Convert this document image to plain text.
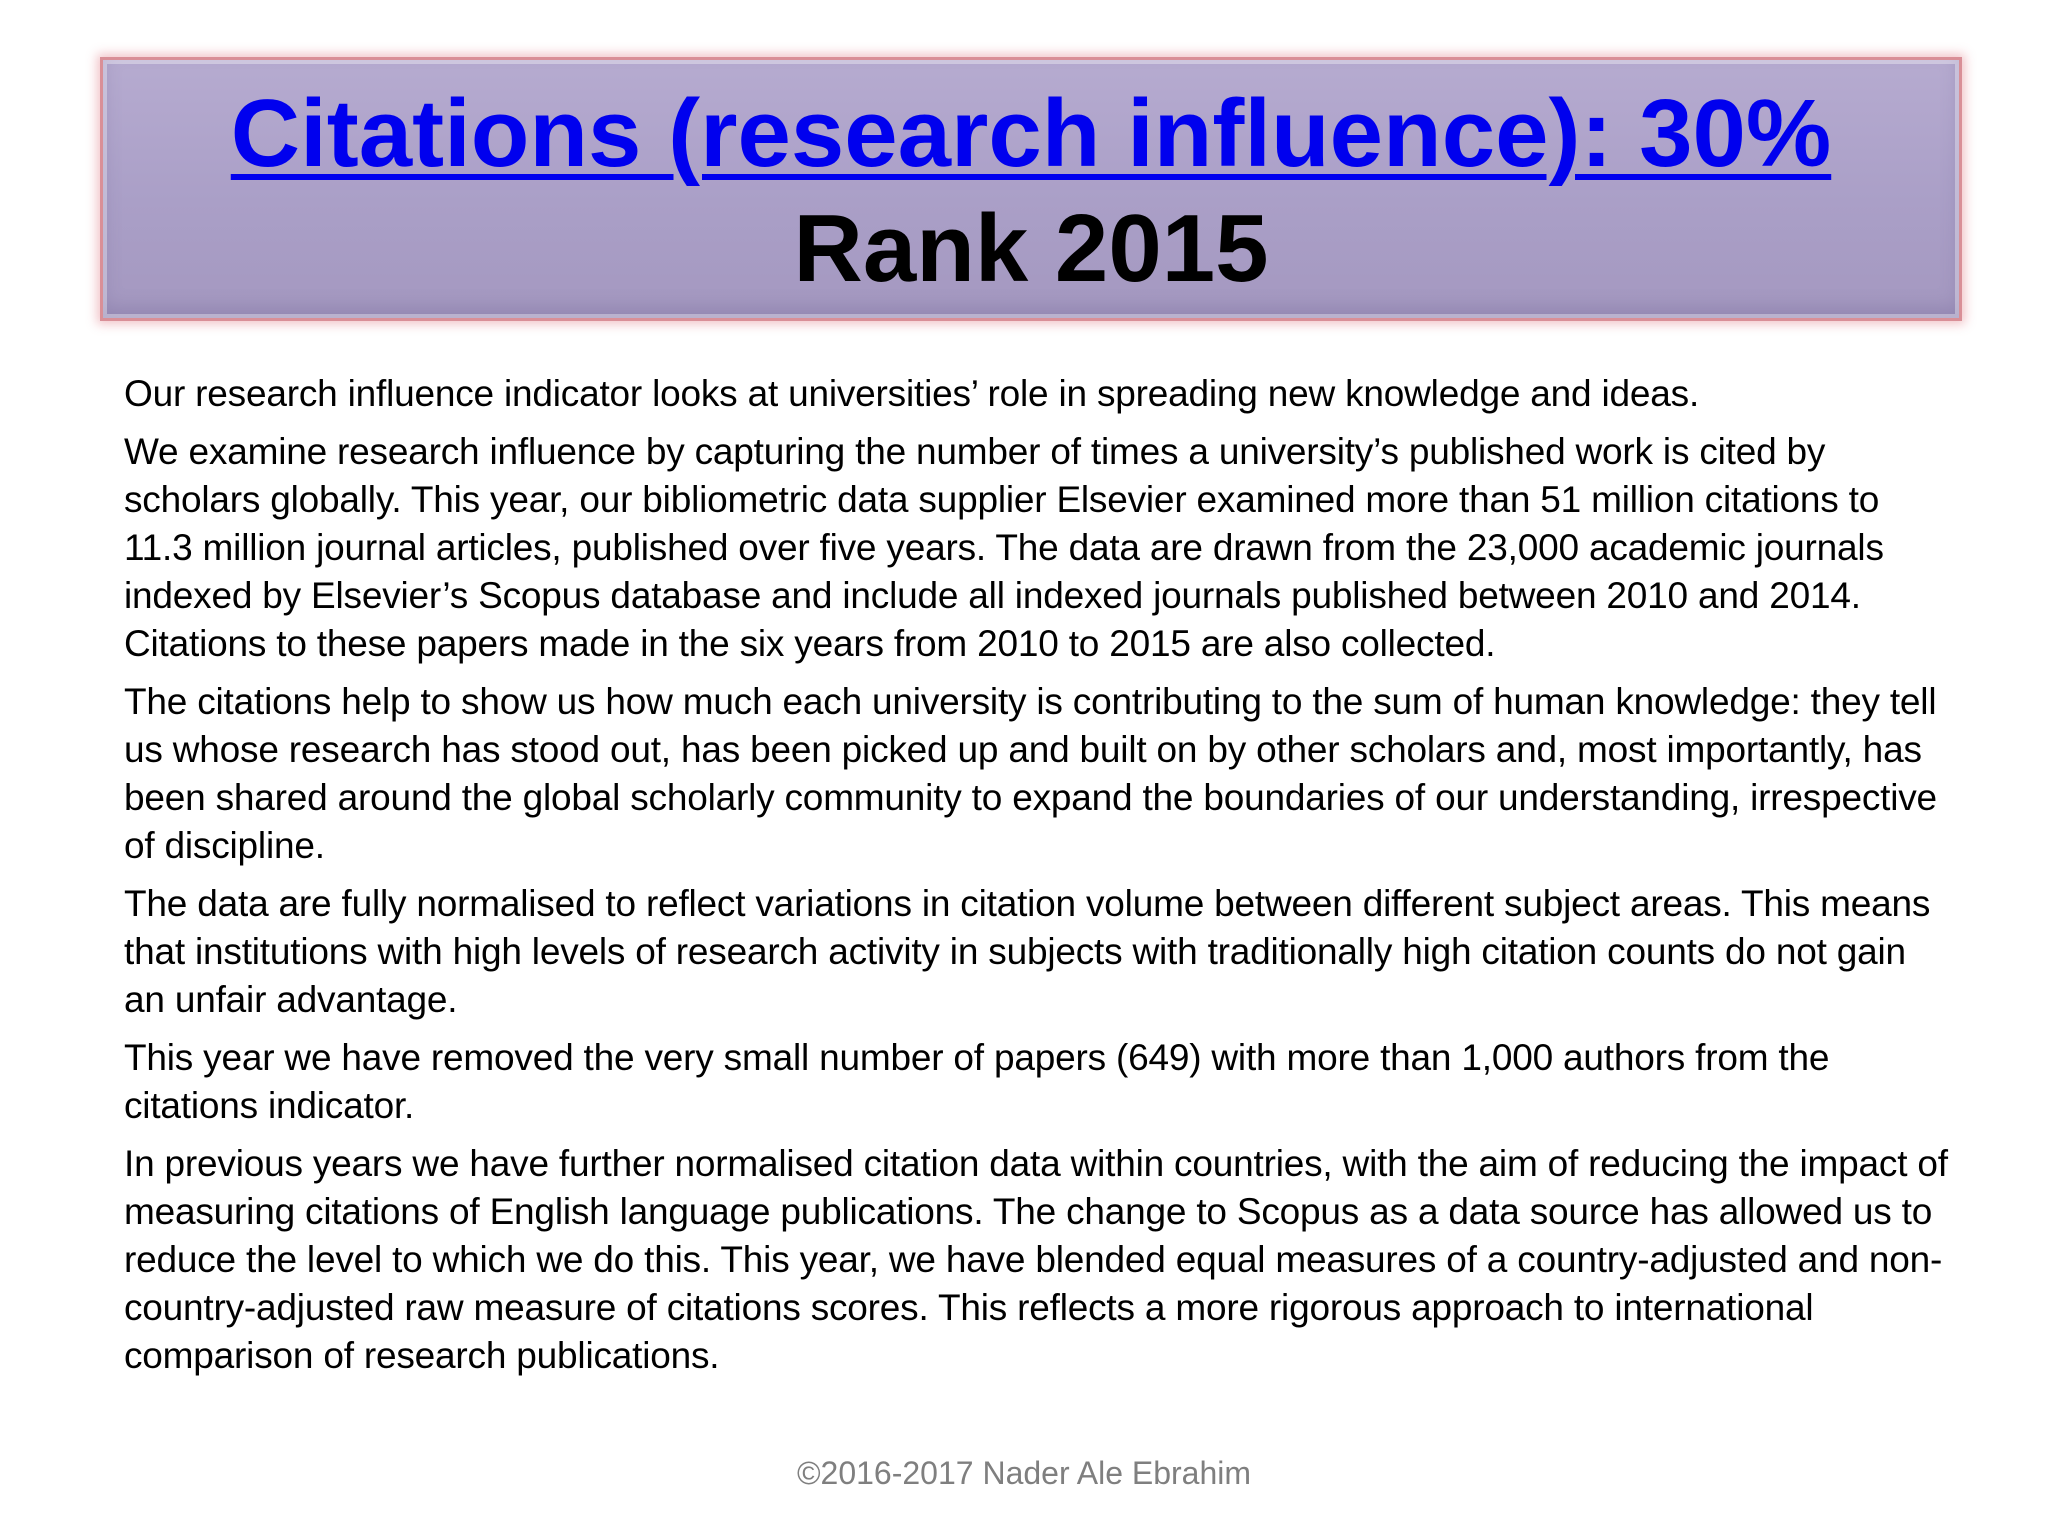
Citations (research influence): 30%
Rank 2015

Our research influence indicator looks at universities’ role in spreading new knowledge and ideas.

We examine research influence by capturing the number of times a university’s published work is cited by scholars globally. This year, our bibliometric data supplier Elsevier examined more than 51 million citations to 11.3 million journal articles, published over five years. The data are drawn from the 23,000 academic journals indexed by Elsevier’s Scopus database and include all indexed journals published between 2010 and 2014. Citations to these papers made in the six years from 2010 to 2015 are also collected.

The citations help to show us how much each university is contributing to the sum of human knowledge: they tell us whose research has stood out, has been picked up and built on by other scholars and, most importantly, has been shared around the global scholarly community to expand the boundaries of our understanding, irrespective of discipline.

The data are fully normalised to reflect variations in citation volume between different subject areas. This means that institutions with high levels of research activity in subjects with traditionally high citation counts do not gain an unfair advantage.

This year we have removed the very small number of papers (649) with more than 1,000 authors from the citations indicator.

In previous years we have further normalised citation data within countries, with the aim of reducing the impact of measuring citations of English language publications. The change to Scopus as a data source has allowed us to reduce the level to which we do this. This year, we have blended equal measures of a country-adjusted and non-country-adjusted raw measure of citations scores. This reflects a more rigorous approach to international comparison of research publications.

©2016-2017 Nader Ale Ebrahim
